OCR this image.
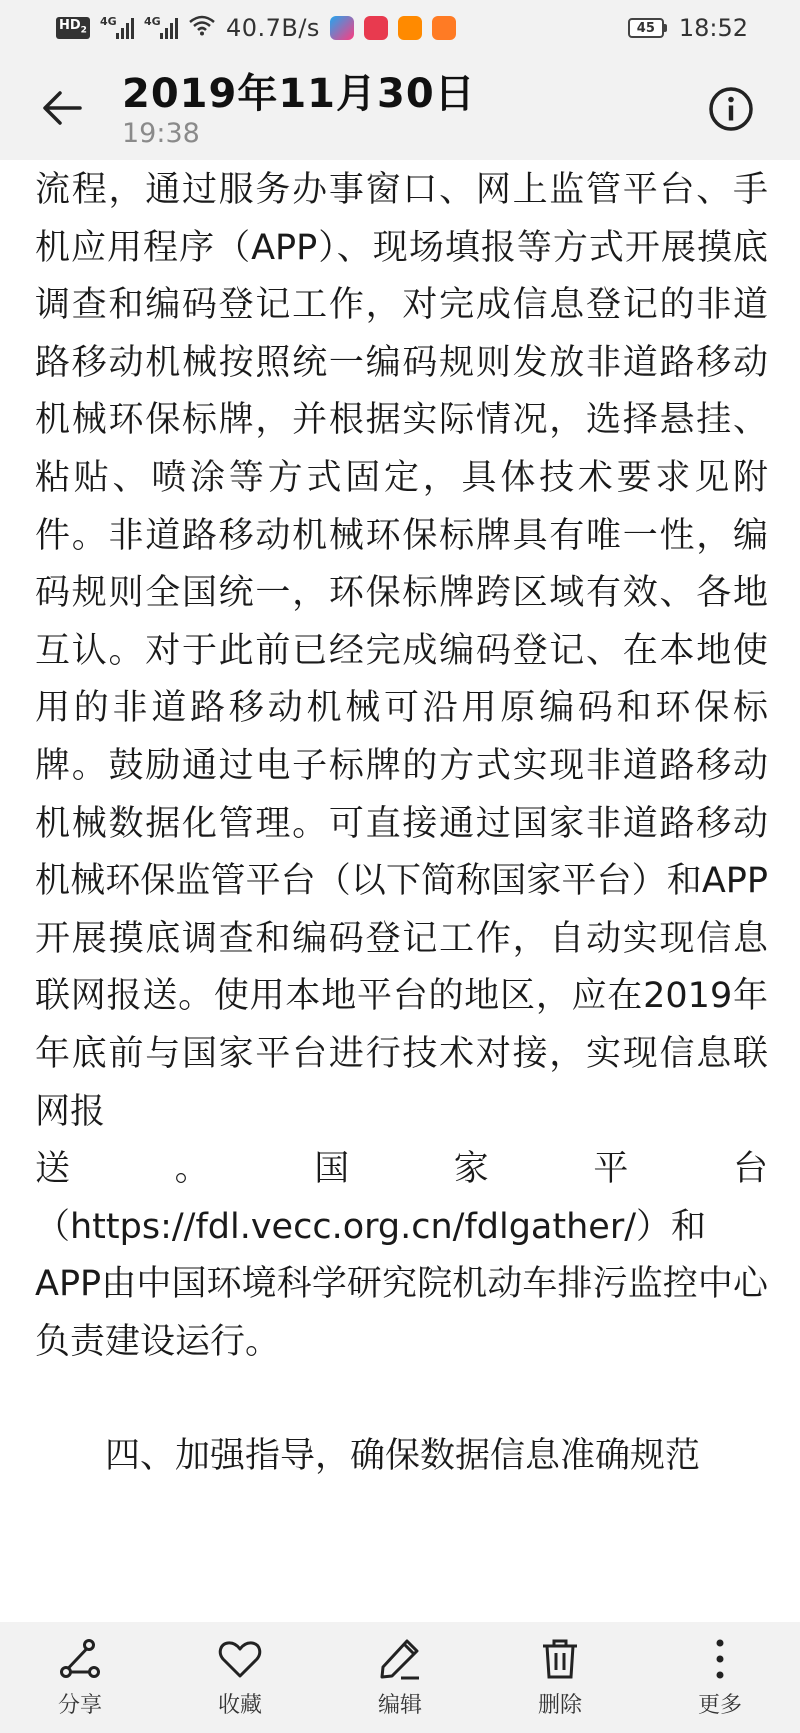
$HD_2$
4G 4G	40.7B/s	45 18:52
2019年11月30日
19:38

流程，通过服务办事窗口、网上监管平台、手机应用程序（APP）、现场填报等方式开展摸底调查和编码登记工作，对完成信息登记的非道路移动机械按照统一编码规则发放非道路移动机械环保标牌，并根据实际情况，选择悬挂、粘贴、喷涂等方式固定，具体技术要求见附件。非道路移动机械环保标牌具有唯一性，编码规则全国统一，环保标牌跨区域有效、各地互认。对于此前已经完成编码登记、在本地使用的非道路移动机械可沿用原编码和环保标牌。鼓励通过电子标牌的方式实现非道路移动机械数据化管理。可直接通过国家非道路移动机械环保监管平台（以下简称国家平台）和APP开展摸底调查和编码登记工作，自动实现信息联网报送。使用本地平台的地区，应在2019年年底前与国家平台进行技术对接，实现信息联网报

送	。	国	家	平	台
（https://fdl.vecc.org.cn/fdlgather/）和

APP由中国环境科学研究院机动车排污监控中心负责建设运行。

四、加强指导，确保数据信息准确规范

分享	收藏	编辑	删除	更多
